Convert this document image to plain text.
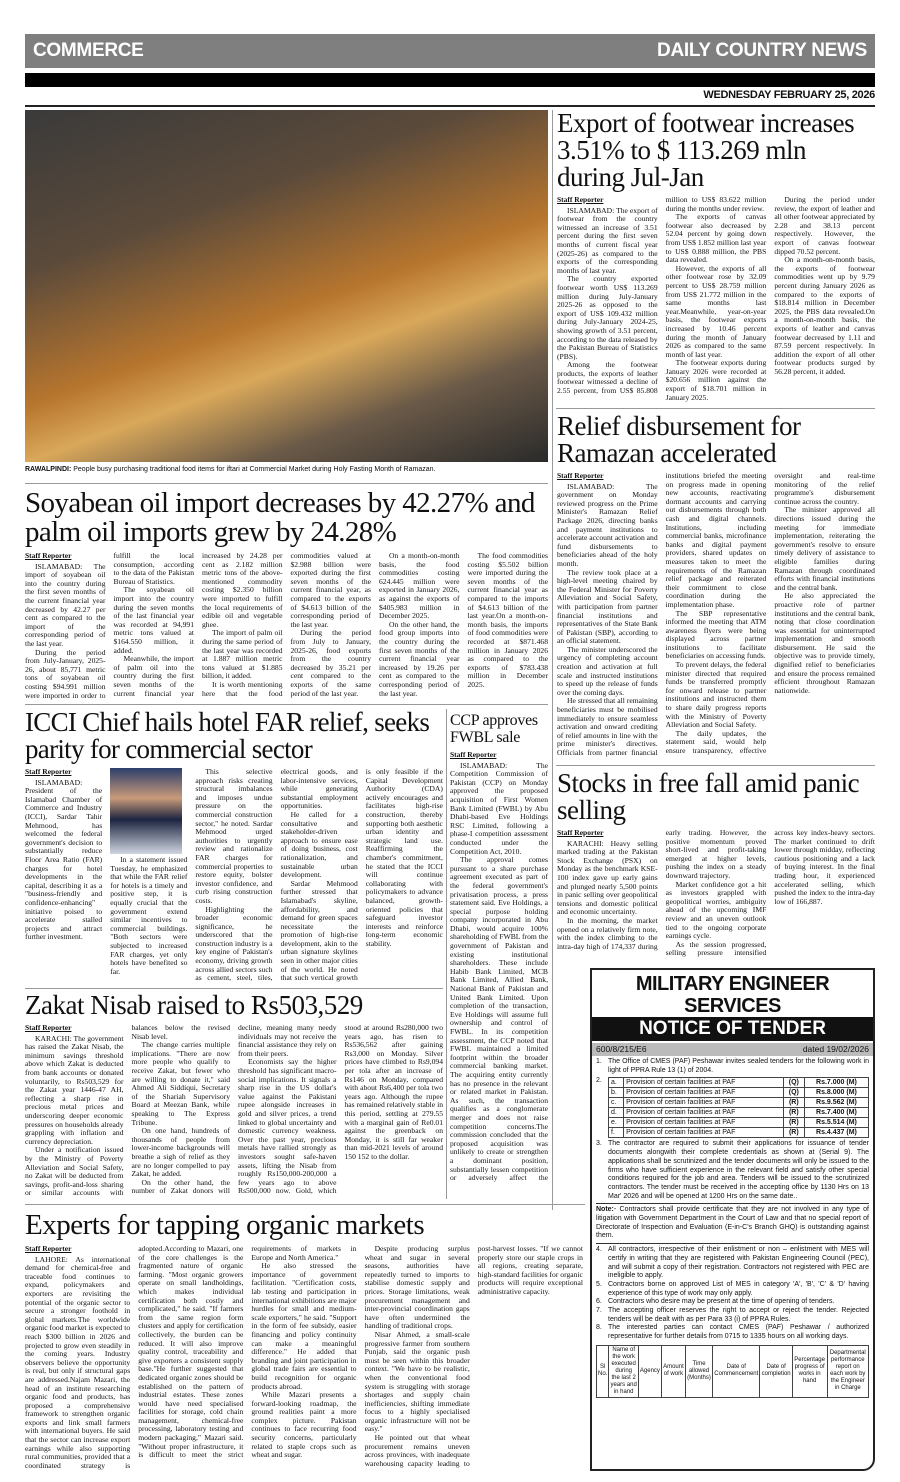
COMMERCE	DAILY COUNTRY NEWS
WEDNESDAY FEBRUARY 25, 2026
RAWALPINDI: People busy purchasing traditional food items for iftari at Commercial Market during Holy Fasting Month of Ramazan.
Export of footwear increases 3.51% to $ 113.269 mln during Jul-Jan
Staff Reporter

ISLAMABAD: The export of footwear from the country witnessed an increase of 3.51 percent during the first seven months of current fiscal year (2025-26) as compared to the exports of the corresponding months of last year.

The country exported footwear worth US$ 113.269 million during July-January 2025-26 as opposed to the export of US$ 109.432 million during July-January 2024-25, showing growth of 3.51 percent, according to the data released by the Pakistan Bureau of Statistics (PBS).

Among the footwear products, the exports of leather footwear witnessed a decline of 2.55 percent, from US$ 85.808 million to US$ 83.622 million during the months under review.

The exports of canvas footwear also decreased by 52.04 percent by going down from US$ 1.852 million last year to US$ 0.888 million, the PBS data revealed.

However, the exports of all other footwear rose by 32.09 percent to US$ 28.759 million from US$ 21.772 million in the same months last year.Meanwhile, year-on-year basis, the footwear exports increased by 10.46 percent during the month of January 2026 as compared to the same month of last year.

The footwear exports during January 2026 were recorded at $20.656 million against the export of $18.701 million in January 2025.

During the period under review, the export of leather and all other footwear appreciated by 2.28 and 38.13 percent respectively. However, the export of canvas footwear dipped 70.52 percent.

On a month-on-month basis, the exports of footwear commodities went up by 9.79 percent during January 2026 as compared to the exports of $18.814 million in December 2025, the PBS data revealed.On a month-on-month basis, the exports of leather and canvas footwear decreased by 1.11 and 87.59 percent respectively. In addition the export of all other footwear products surged by 56.28 percent, it added.

Relief disbursement for Ramazan accelerated
Staff Reporter

ISLAMABAD: The government on Monday reviewed progress on the Prime Minister's Ramazan Relief Package 2026, directing banks and payment institutions to accelerate account activation and fund disbursements to beneficiaries ahead of the holy month.

The review took place at a high-level meeting chaired by the Federal Minister for Poverty Alleviation and Social Safety, with participation from partner financial institutions and representatives of the State Bank of Pakistan (SBP), according to an official statement.

The minister underscored the urgency of completing account creation and activation at full scale and instructed institutions to speed up the release of funds over the coming days.

He stressed that all remaining beneficiaries must be mobilised immediately to ensure seamless activation and onward crediting of relief amounts in line with the prime minister's directives. Officials from partner financial institutions briefed the meeting on progress made in opening new accounts, reactivating dormant accounts and carrying out disbursements through both cash and digital channels. Institutions, including commercial banks, microfinance banks and digital payment providers, shared updates on measures taken to meet the requirements of the Ramazan relief package and reiterated their commitment to close coordination during the implementation phase.

The SBP representative informed the meeting that ATM awareness flyers were being displayed across partner institutions to facilitate beneficiaries on accessing funds.

To prevent delays, the federal minister directed that required funds be transferred promptly for onward release to partner institutions and instructed them to share daily progress reports with the Ministry of Poverty Alleviation and Social Safety.

The daily updates, the statement said, would help ensure transparency, effective oversight and real-time monitoring of the relief programme's disbursement continue across the country.

The minister approved all directions issued during the meeting for immediate implementation, reiterating the government's resolve to ensure timely delivery of assistance to eligible families during Ramazan through coordinated efforts with financial institutions and the central bank.

He also appreciated the proactive role of partner institutions and the central bank, noting that close coordination was essential for uninterrupted implementation and smooth disbursement. He said the objective was to provide timely, dignified relief to beneficiaries and ensure the process remained efficient throughout Ramazan nationwide.

Soyabean oil import decreases by 42.27% and palm oil imports grew by 24.28%
Staff Reporter

ISLAMABAD: The import of soyabean oil into the country during the first seven months of the current financial year decreased by 42.27 per cent as compared to the import of the corresponding period of the last year.

During the period from July-January, 2025-26, about 85,771 metric tons of soyabean oil costing $94.991 million were imported in order to fulfill the local consumption, according to the data of the Pakistan Bureau of Statistics.

The soyabean oil import into the country during the seven months of the last financial year was recorded at 94,991 metric tons valued at $164.550 million, it added.

Meanwhile, the import of palm oil into the country during the first seven months of the current financial year increased by 24.28 per cent as 2.182 million metric tons of the above-mentioned commodity costing $2.350 billion were imported to fulfill the local requirements of edible oil and vegetable ghee.

The import of palm oil during the same period of the last year was recorded at 1.887 million metric tons valued at $1.885 billion, it added.

It is worth mentioning here that the food commodities valued at $2.988 billion were exported during the first seven months of the current financial year, as compared to the exports of $4.613 billion of the corresponding period of the last year.

During the period from July to January, 2025-26, food exports from the country decreased by 35.21 per cent compared to the exports of the same period of the last year.

On a month-on-month basis, the food commodities costing 624.445 million were exported in January 2026, as against the exports of $405.983 million in December 2025.

On the other hand, the food group imports into the country during the first seven months of the current financial year increased by 19.26 per cent as compared to the corresponding period of the last year.

The food commodities costing $5.502 billion were imported during the seven months of the current financial year as compared to the imports of $4.613 billion of the last year.On a month-on-month basis, the imports of food commodities were recorded at $871.468 million in January 2026 as compared to the exports of $783.438 million in December 2025.

ICCI Chief hails hotel FAR relief, seeks parity for commercial sector
Staff Reporter

ISLAMABAD: President of the Islamabad Chamber of Commerce and Industry (ICCI), Sardar Tahir Mehmood, has welcomed the federal government's decision to substantially reduce Floor Area Ratio (FAR) charges for hotel developments in the capital, describing it as a "business-friendly and confidence-enhancing" initiative poised to accelerate stalled projects and attract further investment.

In a statement issued Tuesday, he emphasized that while the FAR relief for hotels is a timely and positive step, it is equally crucial that the government extend similar incentives to commercial buildings. "Both sectors were subjected to increased FAR charges, yet only hotels have benefited so far.

This selective approach risks creating structural imbalances and imposes undue pressure on the commercial construction sector," he noted. Sardar Mehmood urged authorities to urgently review and rationalize FAR charges for commercial properties to restore equity, bolster investor confidence, and curb rising construction costs.

Highlighting the broader economic significance, he underscored that the construction industry is a key engine of Pakistan's economy, driving growth across allied sectors such as cement, steel, tiles, electrical goods, and labor-intensive services, while generating substantial employment opportunities.

He called for a consultative and stakeholder-driven approach to ensure ease of doing business, cost rationalization, and sustainable urban development.

Sardar Mehmood further stressed that Islamabad's skyline, affordability, and demand for green spaces necessitate the promotion of high-rise development, akin to the urban signature skylines seen in other major cities of the world. He noted that such vertical growth is only feasible if the Capital Development Authority (CDA) actively encourages and facilitates high-rise construction, thereby supporting both aesthetic urban identity and strategic land use. Reaffirming the chamber's commitment, he stated that the ICCI will continue collaborating with policymakers to advance balanced, growth-oriented policies that safeguard investor interests and reinforce long-term economic stability.

CCP approves FWBL sale
Staff Reporter

ISLAMABAD: The Competition Commission of Pakistan (CCP) on Monday approved the proposed acquisition of First Women Bank Limited (FWBL) by Abu Dhabi-based Eve Holdings RSC Limited, following a phase-I competition assessment conducted under the Competition Act, 2010.

The approval comes pursuant to a share purchase agreement executed as part of the federal government's privatisation process, a press statement said. Eve Holdings, a special purpose holding company incorporated in Abu Dhabi, would acquire 100% shareholding of FWBL from the government of Pakistan and existing institutional shareholders. These include Habib Bank Limited, MCB Bank Limited, Allied Bank, National Bank of Pakistan and United Bank Limited. Upon completion of the transaction, Eve Holdings will assume full ownership and control of FWBL. In its competition assessment, the CCP noted that FWBL maintained a limited footprint within the broader commercial banking market. The acquiring entity currently has no presence in the relevant or related market in Pakistan. As such, the transaction qualifies as a conglomerate merger and does not raise competition concerns.The commission concluded that the proposed acquisition was unlikely to create or strengthen a dominant position, substantially lessen competition or adversely affect the

Stocks in free fall amid panic selling
Staff Reporter

KARACHI: Heavy selling marked trading at the Pakistan Stock Exchange (PSX) on Monday as the benchmark KSE-100 index gave up early gains and plunged nearly 5,500 points in panic selling over geopolitical tensions and domestic political and economic uncertainty.

In the morning, the market opened on a relatively firm note, with the index climbing to the intra-day high of 174,337 during early trading. However, the positive momentum proved short-lived and profit-taking emerged at higher levels, pushing the index on a steady downward trajectory.

Market confidence got a hit as investors grappled with geopolitical worries, ambiguity ahead of the upcoming IMF review and an uneven outlook tied to the ongoing corporate earnings cycle.

As the session progressed, selling pressure intensified across key index-heavy sectors. The market continued to drift lower through midday, reflecting cautious positioning and a lack of buying interest. In the final trading hour, it experienced accelerated selling, which pushed the index to the intra-day low of 166,887.

Zakat Nisab raised to Rs503,529
Staff Reporter

KARACHI: The government has raised the Zakat Nisab, the minimum savings threshold above which Zakat is deducted from bank accounts or donated voluntarily, to Rs503,529 for the Zakat year 1446-47 AH, reflecting a sharp rise in precious metal prices and underscoring deeper economic pressures on households already grappling with inflation and currency depreciation.

Under a notification issued by the Ministry of Poverty Alleviation and Social Safety, no Zakat will be deducted from savings, profit-and-loss sharing or similar accounts with balances below the revised Nisab level.

The change carries multiple implications. "There are now more people who qualify to receive Zakat, but fewer who are willing to donate it," said Ahmed Ali Siddiqui, Secretary of the Shariah Supervisory Board at Meezan Bank, while speaking to The Express Tribune.

On one hand, hundreds of thousands of people from lower-income backgrounds will breathe a sigh of relief as they are no longer compelled to pay Zakat, he added.

On the other hand, the number of Zakat donors will decline, meaning many needy individuals may not receive the financial assistance they rely on from their peers.

Economists say the higher threshold has significant macro-social implications. It signals a sharp rise in the US dollar's value against the Pakistani rupee alongside increases in gold and silver prices, a trend linked to global uncertainty and domestic currency weakness. Over the past year, precious metals have rallied strongly as investors sought safe-haven assets, lifting the Nisab from roughly Rs150,000-200,000 a few years ago to above Rs500,000 now. Gold, which stood at around Rs280,000 two years ago, has risen to Rs536,562 after gaining Rs3,000 on Monday. Silver prices have climbed to Rs9,094 per tola after an increase of Rs146 on Monday, compared with about Rs6,400 per tola two years ago. Although the rupee has remained relatively stable in this period, settling at 279.55 with a marginal gain of Re0.01 against the greenback on Monday, it is still far weaker than mid-2021 levels of around 150 152 to the dollar.

Experts for tapping organic markets
Staff Reporter

LAHORE: As international demand for chemical-free and traceable food continues to expand, policymakers and exporters are revisiting the potential of the organic sector to secure a stronger foothold in global markets.The worldwide organic food market is expected to reach $300 billion in 2026 and projected to grow even steadily in the coming years. Industry observers believe the opportunity is real, but only if structural gaps are addressed.Najam Mazari, the head of an institute researching organic food and products, has proposed a comprehensive framework to strengthen organic exports and link small farmers with international buyers. He said that the sector can increase export earnings while also supporting rural communities, provided that a coordinated strategy is adopted.According to Mazari, one of the core challenges is the fragmented nature of organic farming. "Most organic growers operate on small landholdings, which makes individual certification both costly and complicated," he said. "If farmers from the same region form clusters and apply for certification collectively, the burden can be reduced. It will also improve quality control, traceability and give exporters a consistent supply base."He further suggested that dedicated organic zones should be established on the pattern of industrial estates. These zones would have need specialised facilities for storage, cold chain management, chemical-free processing, laboratory testing and modern packaging," Mazari said. "Without proper infrastructure, it is difficult to meet the strict requirements of markets in Europe and North America."

He also stressed the importance of government facilitation. "Certification costs, lab testing and participation in international exhibitions are major hurdles for small and medium-scale exporters," he said. "Support in the form of fee subsidy, easier financing and policy continuity can make a meaningful difference." He added that branding and joint participation in global trade fairs are essential to build recognition for organic products abroad.

While Mazari presents a forward-looking roadmap, the ground realities paint a more complex picture. Pakistan continues to face recurring food security concerns, particularly related to staple crops such as wheat and sugar.

Despite producing surplus wheat and sugar in several seasons, authorities have repeatedly turned to imports to stabilise domestic supply and prices. Storage limitations, weak procurement management and inter-provincial coordination gaps have often undermined the handling of traditional crops.

Nisar Ahmed, a small-scale progressive farmer from southern Punjab, said the organic push must be seen within this broader context. "We have to be realistic, when the conventional food system is struggling with storage shortages and supply chain inefficiencies, shifting immediate focus to a highly specialised organic infrastructure will not be easy."

He pointed out that wheat procurement remains uneven across provinces, with inadequate warehousing capacity leading to post-harvest losses. "If we cannot properly store our staple crops in all regions, creating separate, high-standard facilities for organic products will require exceptional administrative capacity.

MILITARY ENGINEER SERVICES
NOTICE OF TENDER
600/8/215/E6	dated 19/02/2026
1. The Office of CMES (PAF) Peshawar invites sealed tenders for the following work in light of PPRA Rule 13 (1) of 2004.
2.	a.	Provision of certain facilities at PAF	(Q)	Rs.7.000 (M)
b.	Provision of certain facilities at PAF	(Q)	Rs.8.000 (M)
c.	Provision of certain facilities at PAF	(R)	Rs.9.562 (M)
d.	Provision of certain facilities at PAF	(R)	Rs.7.400 (M)
e.	Provision of certain facilities at PAF	(R)	Rs.5.514 (M)
f.	Provision of certain facilities at PAF	(R)	Rs.4.437 (M)
3. The contractor are required to submit their applications for issuance of tender documents alongwith their complete credentials as shown at (Serial 9). The applications shall be scrutinized and the tender documents will only be issued to the firms who have sufficient experience in the relevant field and satisfy other special conditions required for the job and area. Tenders will be issued to the scrutinized contractors. The tender must be received in the accepting office by 1130 Hrs on 13 Mar' 2026 and will be opened at 1200 Hrs on the same date..
Note:- Contractors shall provide certificate that they are not involved in any type of litigation with Government Department in the Court of Law and that no special report of Directorate of Inspection and Evaluation (E-in-C's Branch GHQ) is outstanding against them.
4. All contractors, irrespective of their enlistment or non – enlistment with MES will certify in writing that they are registered with Pakistan Engineering Council (PEC), and will submit a copy of their registration. Contractors not registered with PEC are ineligible to apply.
5. Contractors borne on approved List of MES in category 'A', 'B', 'C' & 'D' having experience of this type of work may only apply.
6. Contractors who desire may be present at the time of opening of tenders.
7. The accepting officer reserves the right to accept or reject the tender. Rejected tenders will be dealt with as per Para 33 (i) of PPRA Rules.
8. The interested parties can contact CMES (PAF) Peshawar / authorized representative for further details from 0715 to 1335 hours on all working days.
Sl No.	Name of the work executed during the last 2 years and in hand	Agency	Amount of work	Time allowed (Months)	Date of Commencement	Date of completion	Percentage progress of works in hand	Departmental performance report on each work by the Engineer in Charge
